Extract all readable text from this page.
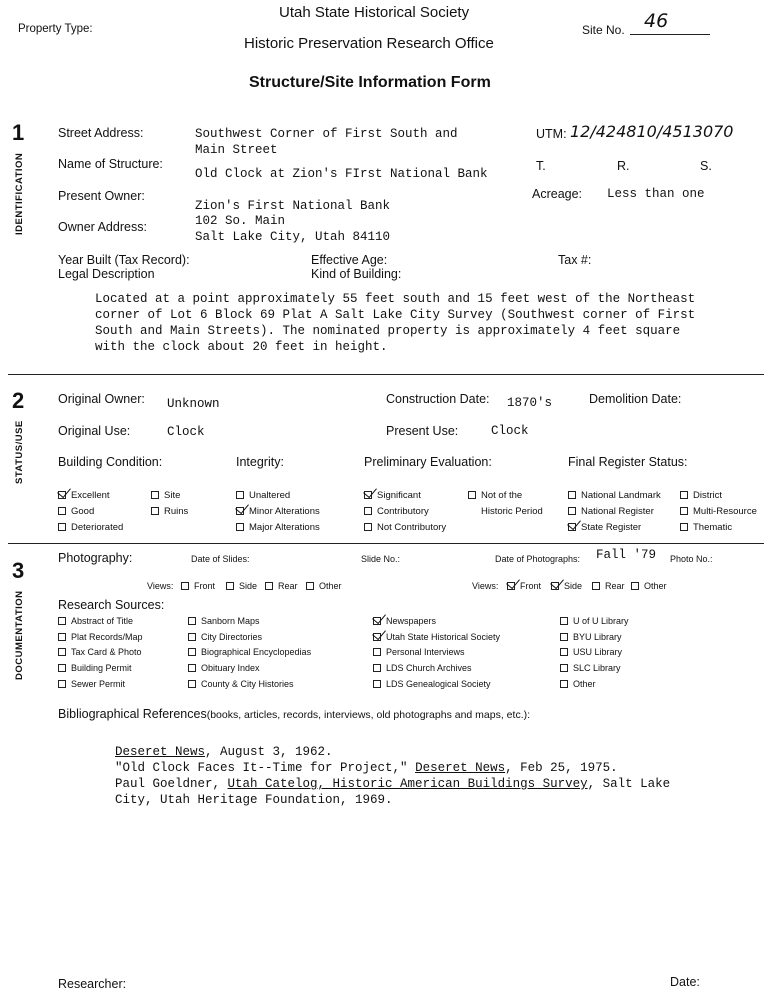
Property Type:
Utah State Historical Society
Historic Preservation Research Office
Structure/Site Information Form
Site No. 46
1
IDENTIFICATION
Street Address:	Southwest Corner of First South and
Main Street
UTM: 12/424810/4513070
Name of Structure:
Old Clock at Zion's FIrst National Bank
T.	R.	S.
Present Owner:
Zion's First National Bank
Acreage: Less than one
Owner Address:	102 So. Main
Salt Lake City, Utah 84110
Year Built (Tax Record):	Effective Age:	Tax #:
Legal Description	Kind of Building:
Located at a point approximately 55 feet south and 15 feet west of the Northeast
corner of Lot 6 Block 69 Plat A Salt Lake City Survey (Southwest corner of First
South and Main Streets). The nominated property is approximately 4 feet square
with the clock about 20 feet in height.
2
STATUS/USE
Original Owner: Unknown	Construction Date: 1870's	Demolition Date:
Original Use:	Clock	Present Use:	Clock
Building Condition:	Integrity:	Preliminary Evaluation:	Final Register Status:
Excellent
Good
Deteriorated
Site
Ruins
Unaltered
Minor Alterations
Major Alterations
Significant
Contributory
Not Contributory
Not of the
Historic Period
National Landmark
National Register
State Register
District
Multi-Resource
Thematic
3
DOCUMENTATION
Photography:	Date of Slides:	Slide No.:	Date of Photographs: Fall '79 Photo No.:
Views:	Front	Side	Rear	Other	Views:	Front	Side	Rear	Other
Research Sources:
Abstract of Title
Plat Records/Map
Tax Card & Photo
Building Permit
Sewer Permit
Sanborn Maps
City Directories
Biographical Encyclopedias
Obituary Index
County & City Histories
Newspapers
Utah State Historical Society
Personal Interviews
LDS Church Archives
LDS Genealogical Society
U of U Library
BYU Library
USU Library
SLC Library
Other
Bibliographical References(books, articles, records, interviews, old photographs and maps, etc.):
Deseret News, August 3, 1962.
"Old Clock Faces It--Time for Project," Deseret News, Feb 25, 1975.
Paul Goeldner, Utah Catelog, Historic American Buildings Survey, Salt Lake
City, Utah Heritage Foundation, 1969.
Researcher:	Date:
